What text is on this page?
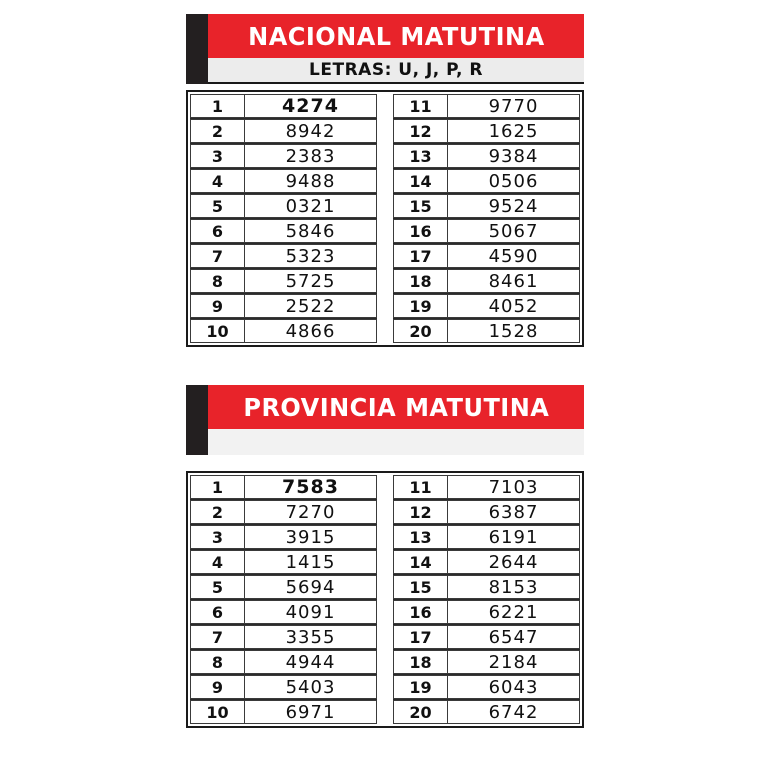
NACIONAL MATUTINA
LETRAS: U, J, P, R
1	4274
2	8942
3	2383
4	9488
5	0321
6	5846
7	5323
8	5725
9	2522
10	4866
11	9770
12	1625
13	9384
14	0506
15	9524
16	5067
17	4590
18	8461
19	4052
20	1528
PROVINCIA MATUTINA
1	7583
2	7270
3	3915
4	1415
5	5694
6	4091
7	3355
8	4944
9	5403
10	6971
11	7103
12	6387
13	6191
14	2644
15	8153
16	6221
17	6547
18	2184
19	6043
20	6742
